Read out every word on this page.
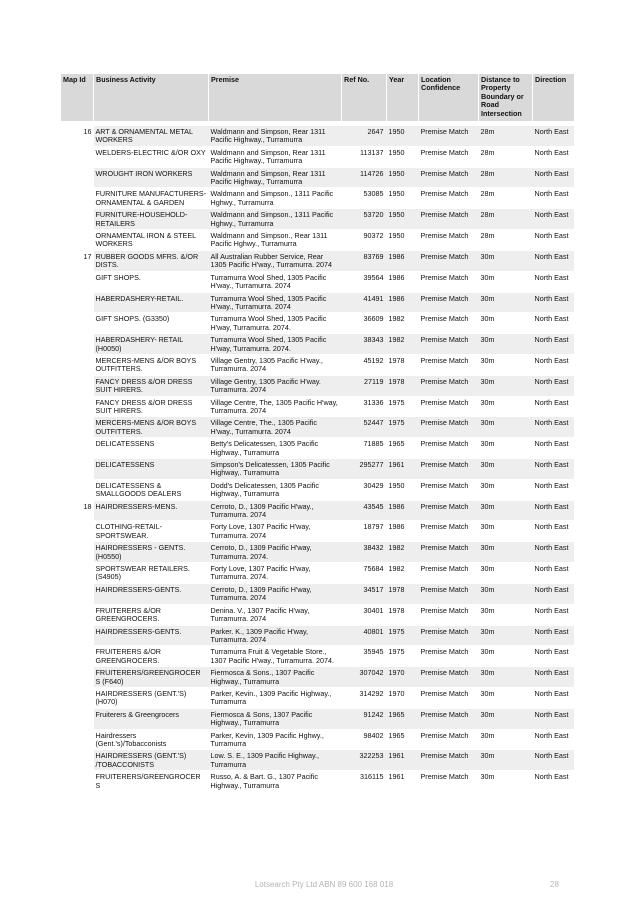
Map Id	Business Activity	Premise	Ref No.	Year	Location Confidence	Distance to Property Boundary or Road Intersection	Direction

16	ART & ORNAMENTAL METAL WORKERS	Waldmann and Simpson, Rear 1311 Pacific Highway., Turramurra	2647	1950	Premise Match	28m	North East
	WELDERS-ELECTRIC &/OR OXY	Waldmann and Simpson, Rear 1311 Pacific Highway., Turramurra	113137	1950	Premise Match	28m	North East
	WROUGHT IRON WORKERS	Waldmann and Simpson, Rear 1311 Pacific Highway., Turramurra	114726	1950	Premise Match	28m	North East
	FURNITURE MANUFACTURERS-ORNAMENTAL & GARDEN	Waldmann and Simpson., 1311 Pacific Hghwy., Turramurra	53085	1950	Premise Match	28m	North East
	FURNITURE-HOUSEHOLD-RETAILERS	Waldmann and Simpson., 1311 Pacific Hghwy., Turramurra	53720	1950	Premise Match	28m	North East
	ORNAMENTAL IRON & STEEL WORKERS	Waldmann and Simpson., Rear 1311 Pacific Hghwy., Turramurra	90372	1950	Premise Match	28m	North East
17	RUBBER GOODS MFRS. &/OR DISTS.	All Australian Rubber Service, Rear 1305 Pacific H'way., Turramurra. 2074	83769	1986	Premise Match	30m	North East
	GIFT SHOPS.	Turramurra Wool Shed, 1305 Pacific H'way., Turramurra. 2074	39564	1986	Premise Match	30m	North East
	HABERDASHERY-RETAIL.	Turramurra Wool Shed, 1305 Pacific H'way., Turramurra. 2074	41491	1986	Premise Match	30m	North East
	GIFT SHOPS. (G3350)	Turramurra Wool Shed, 1305 Pacific H'way, Turramurra. 2074.	36609	1982	Premise Match	30m	North East
	HABERDASHERY- RETAIL (H0050)	Turramurra Wool Shed, 1305 Pacific H'way, Turramurra. 2074.	38343	1982	Premise Match	30m	North East
	MERCERS-MENS &/OR BOYS OUTFITTERS.	Village Gentry, 1305 Pacific H'way., Turramurra. 2074	45192	1978	Premise Match	30m	North East
	FANCY DRESS &/OR DRESS SUIT HIRERS.	Village Gentry, 1305 Pacific H'way. Turramurra. 2074	27119	1978	Premise Match	30m	North East
	FANCY DRESS &/OR DRESS SUIT HIRERS.	Village Centre, The, 1305 Pacific H'way, Turramurra. 2074	31336	1975	Premise Match	30m	North East
	MERCERS-MENS &/OR BOYS OUTFITTERS.	Village Centre, The., 1305 Pacific H'way., Turramurra. 2074	52447	1975	Premise Match	30m	North East
	DELICATESSENS	Betty's Delicatessen, 1305 Pacific Highway., Turramurra	71885	1965	Premise Match	30m	North East
	DELICATESSENS	Simpson's Delicatessen, 1305 Pacific Highway,. Turramurra	295277	1961	Premise Match	30m	North East
	DELICATESSENS & SMALLGOODS DEALERS	Dodd's Delicatessen, 1305 Pacific Highway., Turramurra	30429	1950	Premise Match	30m	North East
18	HAIRDRESSERS-MENS.	Cerroto, D., 1309 Pacific H'way., Turramurra. 2074	43545	1986	Premise Match	30m	North East
	CLOTHING-RETAIL-SPORTSWEAR.	Forty Love, 1307 Pacific H'way, Turramurra. 2074	18797	1986	Premise Match	30m	North East
	HAIRDRESSERS - GENTS. (H0550)	Cerroto, D., 1309 Pacific H'way, Turramurra. 2074.	38432	1982	Premise Match	30m	North East
	SPORTSWEAR RETAILERS. (S4905)	Forty Love, 1307 Pacific H'way, Turramurra. 2074.	75684	1982	Premise Match	30m	North East
	HAIRDRESSERS-GENTS.	Cerroto, D., 1309 Pacific H'way, Turramurra. 2074	34517	1978	Premise Match	30m	North East
	FRUITERERS &/OR GREENGROCERS.	Denina. V., 1307 Pacific H'way, Turramurra. 2074	30401	1978	Premise Match	30m	North East
	HAIRDRESSERS-GENTS.	Parker. K., 1309 Pacific H'way, Turramurra. 2074	40801	1975	Premise Match	30m	North East
	FRUITERERS &/OR GREENGROCERS.	Turramurra Fruit & Vegetable Store., 1307 Pacific H'way., Turramurra. 2074.	35945	1975	Premise Match	30m	North East
	FRUITERERS/GREENGROCER S (F640)	Fiermosca & Sons., 1307 Pacific Highway., Turramurra	307042	1970	Premise Match	30m	North East
	HAIRDRESSERS (GENT.'S) (H070)	Parker, Kevin., 1309 Pacific Highway., Turramurra	314292	1970	Premise Match	30m	North East
	Fruiterers & Greengrocers	Fiermosca & Sons, 1307 Pacific Highway., Turramurra	91242	1965	Premise Match	30m	North East
	Hairdressers (Gent.'s)/Tobacconists	Parker, Kevin, 1309 Pacific Hghwy., Turramurra	98402	1965	Premise Match	30m	North East
	HAIRDRESSERS (GENT.'S) /TOBACCONISTS	Low. S. E., 1309 Pacific Highway., Turramurra	322253	1961	Premise Match	30m	North East
	FRUITERERS/GREENGROCER S	Russo, A. & Bart. G., 1307 Pacific Highway., Turramurra	316115	1961	Premise Match	30m	North East
Lotsearch Pty Ltd ABN 89 600 168 018	28
